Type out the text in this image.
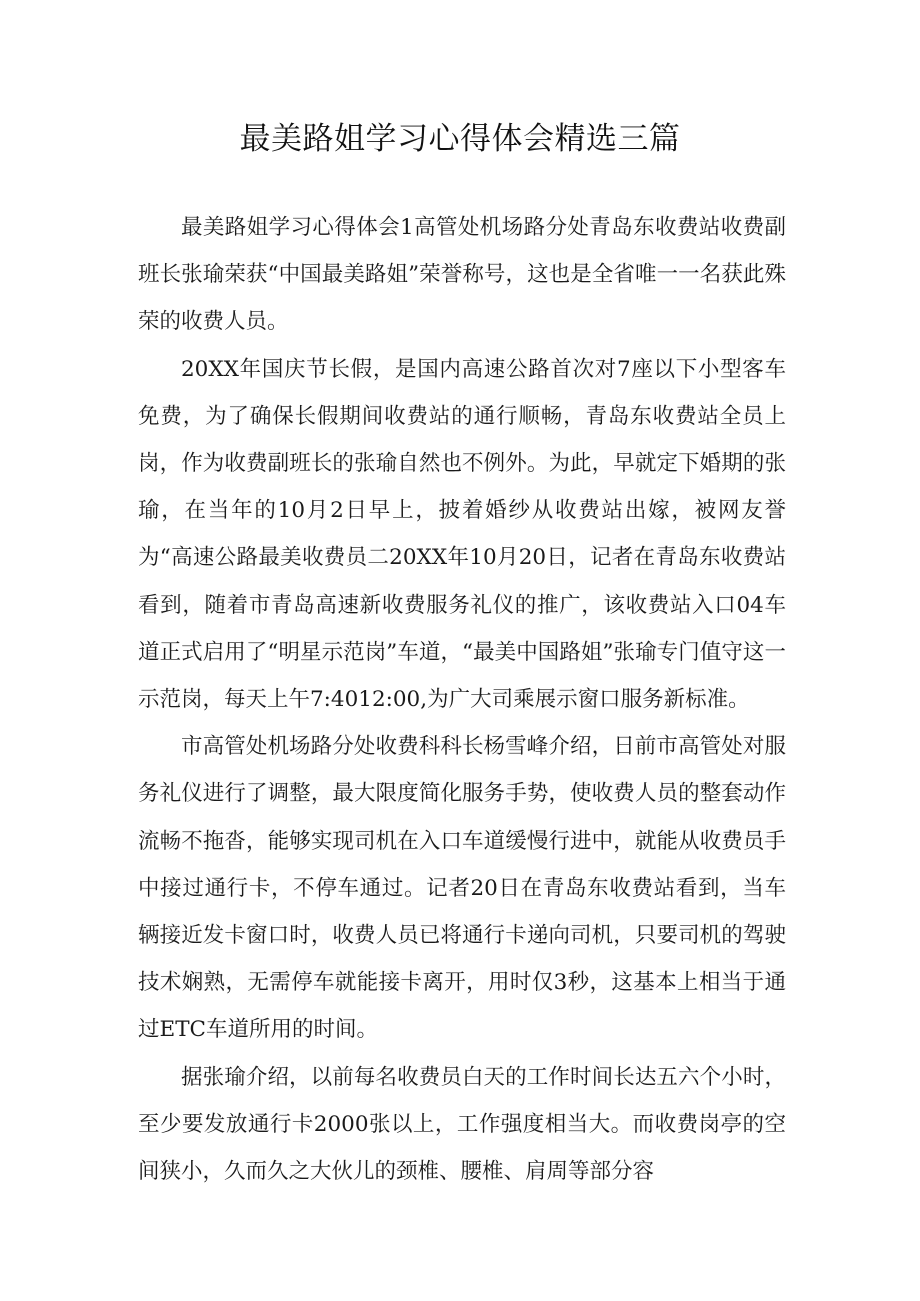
最美路姐学习心得体会精选三篇

最美路姐学习心得体会1高管处机场路分处青岛东收费站收费副班长张瑜荣获“中国最美路姐”荣誉称号，这也是全省唯一一名获此殊荣的收费人员。

20XX年国庆节长假，是国内高速公路首次对7座以下小型客车免费，为了确保长假期间收费站的通行顺畅，青岛东收费站全员上岗，作为收费副班长的张瑜自然也不例外。为此，早就定下婚期的张瑜，在当年的10月2日早上，披着婚纱从收费站出嫁，被网友誉为“高速公路最美收费员二20XX年10月20日，记者在青岛东收费站看到，随着市青岛高速新收费服务礼仪的推广，该收费站入口04车道正式启用了“明星示范岗”车道，“最美中国路姐”张瑜专门值守这一示范岗，每天上午7:4012:00,为广大司乘展示窗口服务新标准。

市高管处机场路分处收费科科长杨雪峰介绍，日前市高管处对服务礼仪进行了调整，最大限度简化服务手势，使收费人员的整套动作流畅不拖沓，能够实现司机在入口车道缓慢行进中，就能从收费员手中接过通行卡，不停车通过。记者20日在青岛东收费站看到，当车辆接近发卡窗口时，收费人员已将通行卡递向司机，只要司机的驾驶技术娴熟，无需停车就能接卡离开，用时仅3秒，这基本上相当于通过ETC车道所用的时间。

据张瑜介绍，以前每名收费员白天的工作时间长达五六个小时，至少要发放通行卡2000张以上，工作强度相当大。而收费岗亭的空间狭小，久而久之大伙儿的颈椎、腰椎、肩周等部分容
